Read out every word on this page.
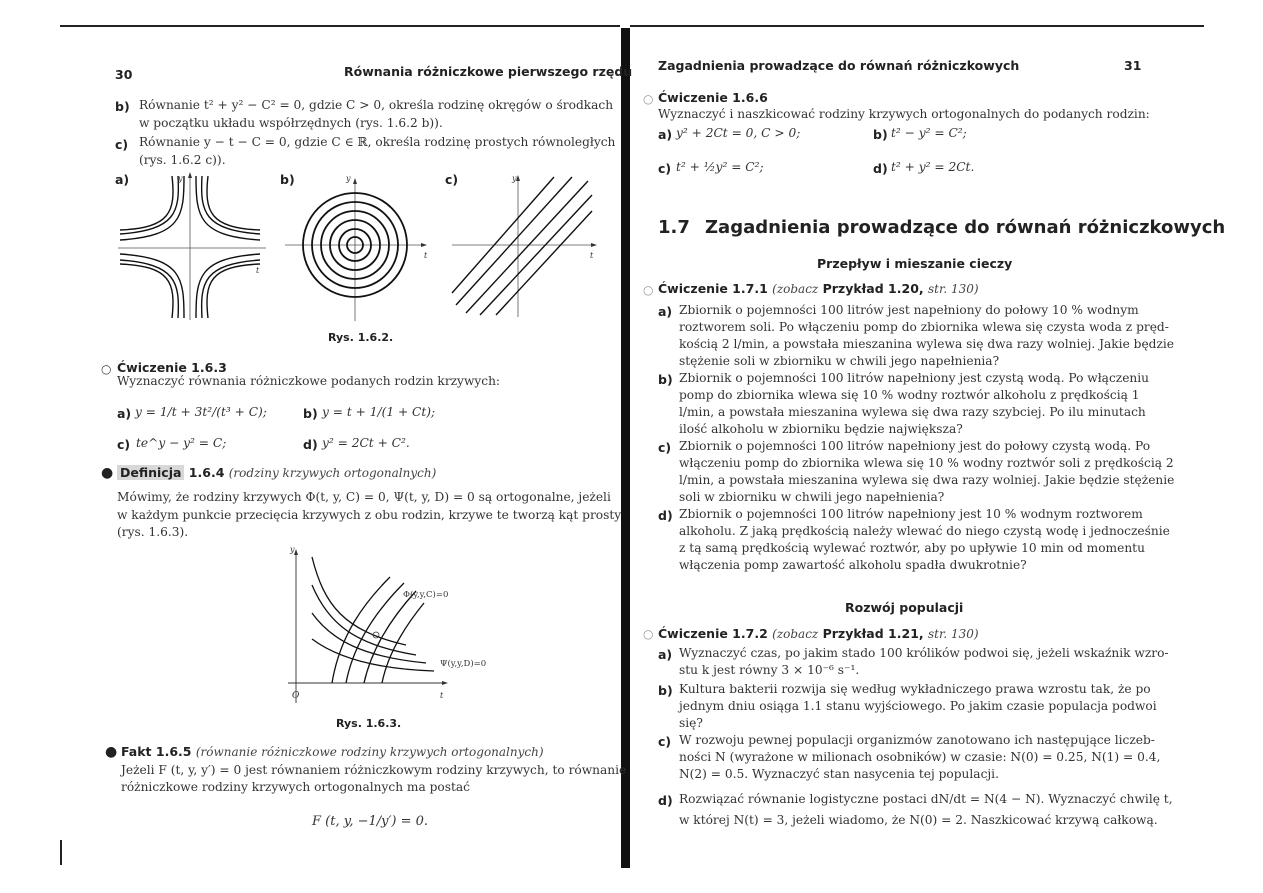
30	Równania różniczkowe pierwszego rzędu
b) Równanie t² + y² − C² = 0, gdzie C > 0, określa rodzinę okręgów o środkach
w początku układu współrzędnych (rys. 1.6.2 b)).
c) Równanie y − t − C = 0, gdzie C ∈ ℝ, określa rodzinę prostych równoległych
(rys. 1.6.2 c)).
a)	b)	c)
y
t
y
t
y
t
Rys. 1.6.2.
○ Ćwiczenie 1.6.3
Wyznaczyć równania różniczkowe podanych rodzin krzywych:
a) y = 1/t + 3t²/(t³ + C);	b) y = t + 1/(1 + Ct);
c) te^y − y² = C;	d) y² = 2Ct + C².
● Definicja 1.6.4 (rodziny krzywych ortogonalnych)
Mówimy, że rodziny krzywych Φ(t, y, C) = 0, Ψ(t, y, D) = 0 są ortogonalne, jeżeli
w każdym punkcie przecięcia krzywych z obu rodzin, krzywe te tworzą kąt prosty
(rys. 1.6.3).
y
t
O
Φ(y,y,C)=0
Ψ(y,y,D)=0
Rys. 1.6.3.
● Fakt 1.6.5 (równanie różniczkowe rodziny krzywych ortogonalnych)
Jeżeli F (t, y, y′) = 0 jest równaniem różniczkowym rodziny krzywych, to równanie
różniczkowe rodziny krzywych ortogonalnych ma postać
F (t, y, −1/y′) = 0.
Zagadnienia prowadzące do równań różniczkowych	31
○ Ćwiczenie 1.6.6
Wyznaczyć i naszkicować rodziny krzywych ortogonalnych do podanych rodzin:
a) y² + 2Ct = 0, C > 0;	b) t² − y² = C²;
c) t² + ½y² = C²;	d) t² + y² = 2Ct.
1.7 Zagadnienia prowadzące do równań różniczkowych
Przepływ i mieszanie cieczy
○ Ćwiczenie 1.7.1 (zobacz Przykład 1.20, str. 130)
a) Zbiornik o pojemności 100 litrów jest napełniony do połowy 10 % wodnym
roztworem soli. Po włączeniu pomp do zbiornika wlewa się czysta woda z pręd-
kością 2 l/min, a powstała mieszanina wylewa się dwa razy wolniej. Jakie będzie
stężenie soli w zbiorniku w chwili jego napełnienia?
b) Zbiornik o pojemności 100 litrów napełniony jest czystą wodą. Po włączeniu
pomp do zbiornika wlewa się 10 % wodny roztwór alkoholu z prędkością 1
l/min, a powstała mieszanina wylewa się dwa razy szybciej. Po ilu minutach
ilość alkoholu w zbiorniku będzie największa?
c) Zbiornik o pojemności 100 litrów napełniony jest do połowy czystą wodą. Po
włączeniu pomp do zbiornika wlewa się 10 % wodny roztwór soli z prędkością 2
l/min, a powstała mieszanina wylewa się dwa razy wolniej. Jakie będzie stężenie
soli w zbiorniku w chwili jego napełnienia?
d) Zbiornik o pojemności 100 litrów napełniony jest 10 % wodnym roztworem
alkoholu. Z jaką prędkością należy wlewać do niego czystą wodę i jednocześnie
z tą samą prędkością wylewać roztwór, aby po upływie 10 min od momentu
włączenia pomp zawartość alkoholu spadła dwukrotnie?
Rozwój populacji
○ Ćwiczenie 1.7.2 (zobacz Przykład 1.21, str. 130)
a) Wyznaczyć czas, po jakim stado 100 królików podwoi się, jeżeli wskaźnik wzro-
stu k jest równy 3 × 10⁻⁶ s⁻¹.
b) Kultura bakterii rozwija się według wykładniczego prawa wzrostu tak, że po
jednym dniu osiąga 1.1 stanu wyjściowego. Po jakim czasie populacja podwoi
się?
c) W rozwoju pewnej populacji organizmów zanotowano ich następujące liczeb-
ności N (wyrażone w milionach osobników) w czasie: N(0) = 0.25, N(1) = 0.4,
N(2) = 0.5. Wyznaczyć stan nasycenia tej populacji.
d) Rozwiązać równanie logistyczne postaci dN/dt = N(4 − N). Wyznaczyć chwilę t,
w której N(t) = 3, jeżeli wiadomo, że N(0) = 2. Naszkicować krzywą całkową.
